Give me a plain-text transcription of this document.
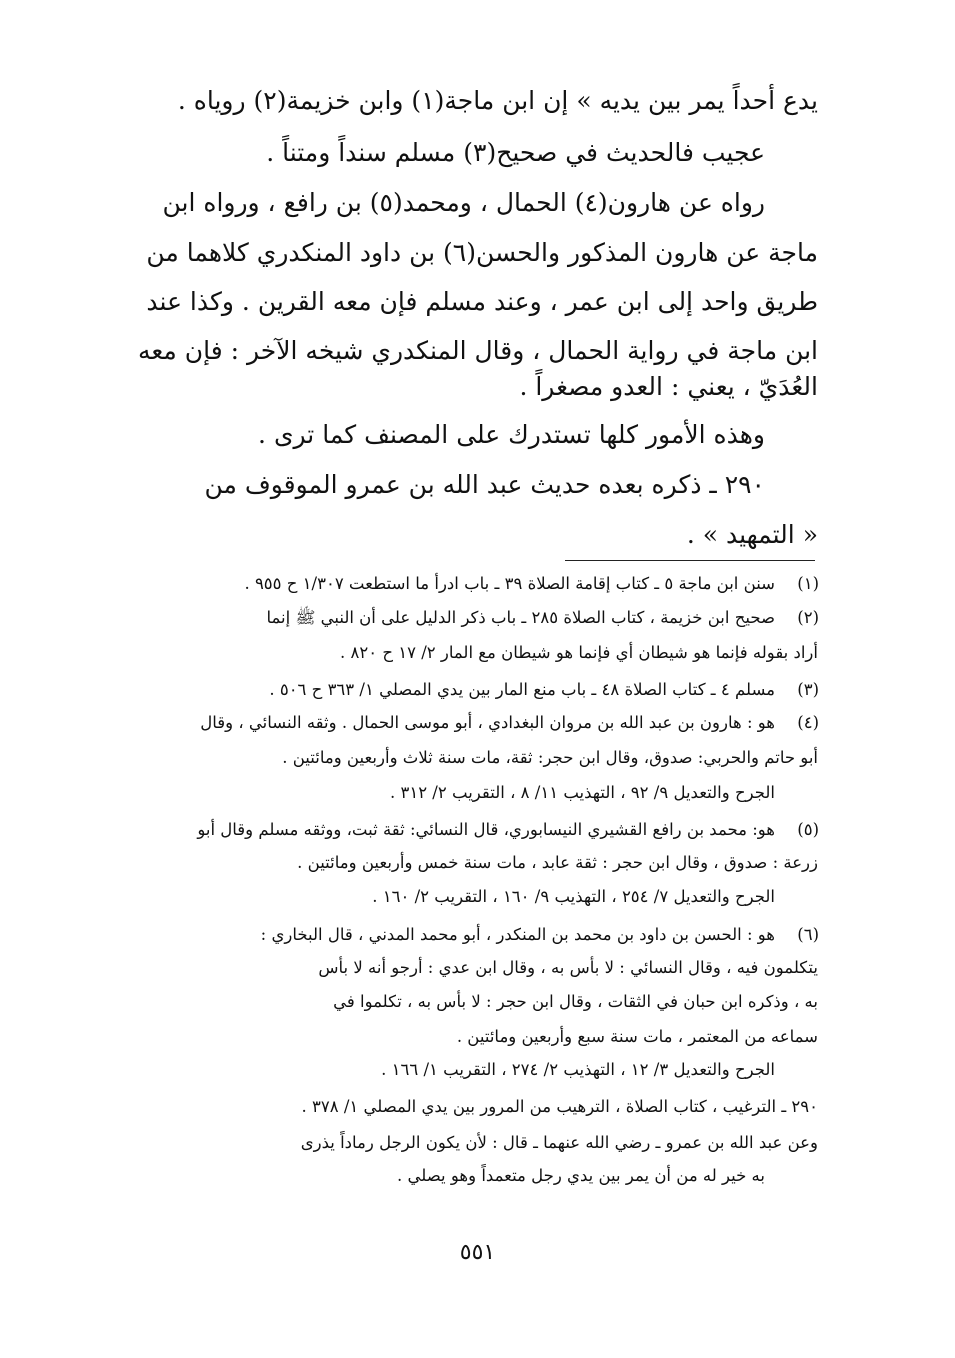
يدع أحداً يمر بين يديه » إن ابن ماجة(١) وابن خزيمة(٢) روياه .
عجيب فالحديث في صحيح(٣) مسلم سنداً ومتناً .
رواه عن هارون(٤) الحمال ، ومحمد(٥) بن رافع ، ورواه ابن
ماجة عن هارون المذكور والحسن(٦) بن داود المنكدري كلاهما من
طريق واحد إلى ابن عمر ، وعند مسلم فإن معه القرين . وكذا عند
ابن ماجة في رواية الحمال ، وقال المنكدري شيخه الآخر : فإن معه
العُدَيّ ، يعني : العدو مصغراً .
وهذه الأمور كلها تستدرك على المصنف كما ترى .
٢٩٠ ـ ذكره بعده حديث عبد الله بن عمرو الموقوف من
« التمهيد » .
(١)
سنن ابن ماجة ٥ ـ كتاب إقامة الصلاة ٣٩ ـ باب ادرأ ما استطعت ١/٣٠٧ ح ٩٥٥ .
(٢)
صحيح ابن خزيمة ، كتاب الصلاة ٢٨٥ ـ باب ذكر الدليل على أن النبي ﷺ إنما
أراد بقوله فإنما هو شيطان أي فإنما هو شيطان مع المار ٢/ ١٧ ح ٨٢٠ .
(٣)
مسلم ٤ ـ كتاب الصلاة ٤٨ ـ باب منع المار بين يدي المصلي ١/ ٣٦٣ ح ٥٠٦ .
(٤)
هو : هارون بن عبد الله بن مروان البغدادي ، أبو موسى الحمال . وثقه النسائي ، وقال
أبو حاتم والحربي: صدوق، وقال ابن حجر: ثقة، مات سنة ثلاث وأربعين ومائتين .
الجرح والتعديل ٩/ ٩٢ ، التهذيب ١١/ ٨ ، التقريب ٢/ ٣١٢ .
(٥)
هو: محمد بن رافع القشيري النيسابوري، قال النسائي: ثقة ثبت، ووثقه مسلم وقال أبو
زرعة : صدوق ، وقال ابن حجر : ثقة عابد ، مات سنة خمس وأربعين ومائتين .
الجرح والتعديل ٧/ ٢٥٤ ، التهذيب ٩/ ١٦٠ ، التقريب ٢/ ١٦٠ .
(٦)
هو : الحسن بن داود بن محمد بن المنكدر ، أبو محمد المدني ، قال البخاري :
يتكلمون فيه ، وقال النسائي : لا بأس به ، وقال ابن عدي : أرجو أنه لا بأس
به ، وذكره ابن حبان في الثقات ، وقال ابن حجر : لا بأس به ، تكلموا في
سماعه من المعتمر ، مات سنة سبع وأربعين ومائتين .
الجرح والتعديل ٣/ ١٢ ، التهذيب ٢/ ٢٧٤ ، التقريب ١/ ١٦٦ .
٢٩٠ ـ الترغيب ، كتاب الصلاة ، الترهيب من المرور بين يدي المصلي ١/ ٣٧٨ .
وعن عبد الله بن عمرو ـ رضي الله عنهما ـ قال : لأن يكون الرجل رماداً يذرى
به خير له من أن يمر بين يدي رجل متعمداً وهو يصلي .
٥٥١
